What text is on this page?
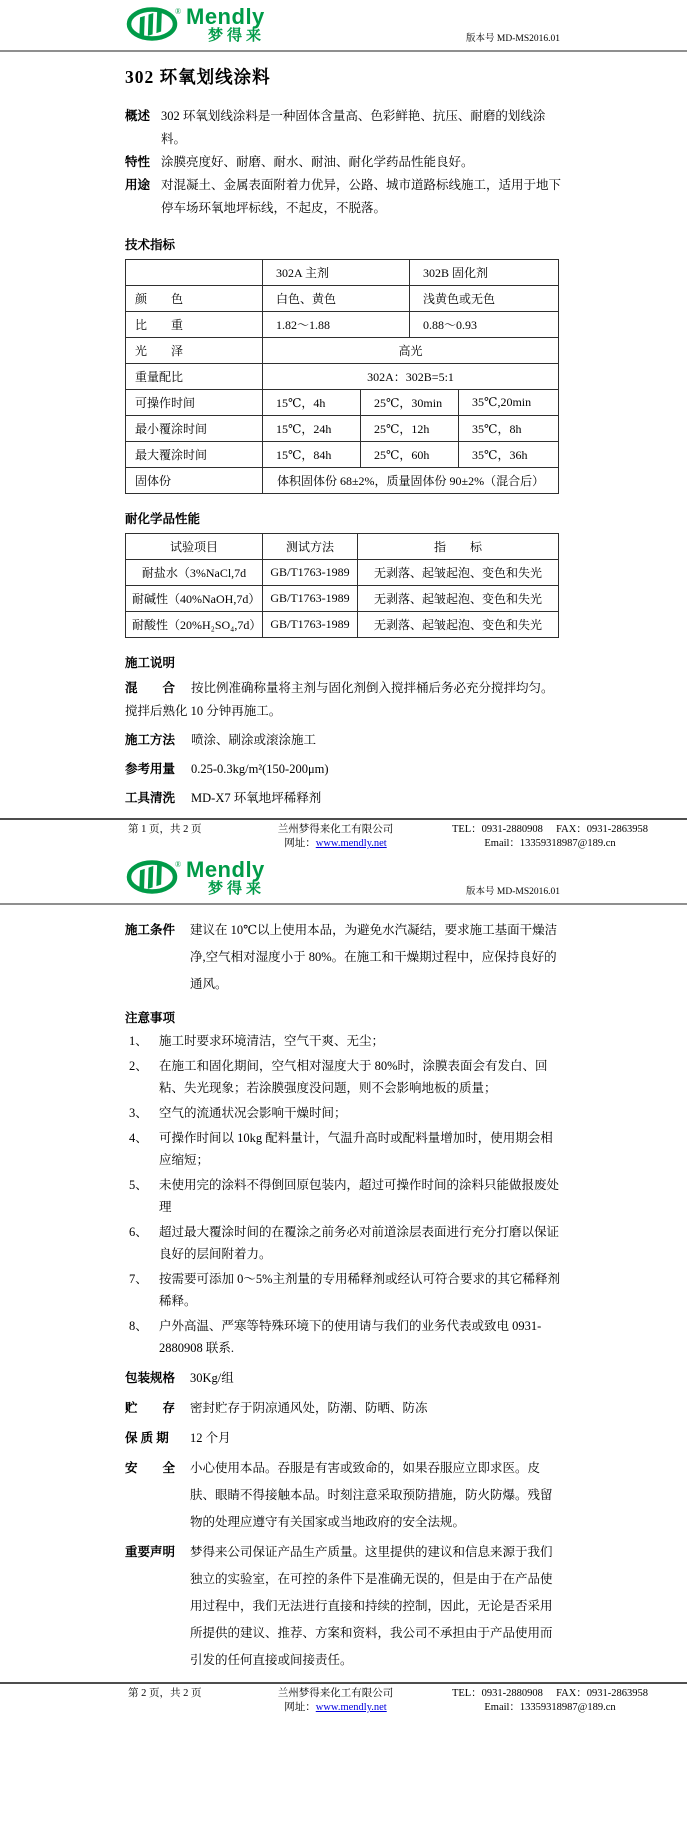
® Mendly
梦得来	版本号 MD-MS2016.01
302 环氧划线涂料
概述 302 环氧划线涂料是一种固体含量高、色彩鲜艳、抗压、耐磨的划线涂料。
特性 涂膜亮度好、耐磨、耐水、耐油、耐化学药品性能良好。
用途 对混凝土、金属表面附着力优异，公路、城市道路标线施工，适用于地下停车场环氧地坪标线，不起皮，不脱落。
技术指标
	302A 主剂		302B 固化剂	
颜　　色	白色、黄色		浅黄色或无色	
比　　重	1.82～1.88		0.88～0.93	
光　　泽	高光			
重量配比	302A：302B=5:1			
可操作时间	15℃，4h	25℃，30min		35℃,20min
最小覆涂时间	15℃，24h	25℃，12h		35℃，8h
最大覆涂时间	15℃，84h	25℃，60h		35℃，36h
固体份	体积固体份 68±2%，质量固体份 90±2%（混合后）			
耐化学品性能
试验项目	测试方法	指　　标
耐盐水（3%NaCl,7d	GB/T1763-1989	无剥落、起皱起泡、变色和失光
耐碱性（40%NaOH,7d）	GB/T1763-1989	无剥落、起皱起泡、变色和失光
耐酸性（20%H₂SO₄,7d）	GB/T1763-1989	无剥落、起皱起泡、变色和失光
施工说明

混　　合 按比例准确称量将主剂与固化剂倒入搅拌桶后务必充分搅拌均匀。搅拌后熟化 10 分钟再施工。

施工方法 喷涂、刷涂或滚涂施工

参考用量 0.25-0.3kg/m²(150-200μm)

工具清洗 MD-X7 环氧地坪稀释剂

第 1 页，共 2 页	兰州梦得来化工有限公司
网址：www.mendly.net
TEL：0931-2880908 FAX：0931-2863958
Email：13359318987@189.cn
® Mendly
梦得来	版本号 MD-MS2016.01
施工条件	建议在 10℃以上使用本品，为避免水汽凝结，要求施工基面干燥洁净,空气相对湿度小于 80%。在施工和干燥期过程中，应保持良好的通风。
注意事项
1、 施工时要求环境清洁，空气干爽、无尘；
2、 在施工和固化期间，空气相对湿度大于 80%时，涂膜表面会有发白、回粘、失光现象；若涂膜强度没问题，则不会影响地板的质量；
3、 空气的流通状况会影响干燥时间；
4、 可操作时间以 10kg 配料量计，气温升高时或配料量增加时，使用期会相应缩短；
5、 未使用完的涂料不得倒回原包装内，超过可操作时间的涂料只能做报废处理
6、 超过最大覆涂时间的在覆涂之前务必对前道涂层表面进行充分打磨以保证良好的层间附着力。
7、 按需要可添加 0～5%主剂量的专用稀释剂或经认可符合要求的其它稀释剂稀释。
8、 户外高温、严寒等特殊环境下的使用请与我们的业务代表或致电 0931-2880908 联系.
包装规格	30Kg/组
贮　　存	密封贮存于阴凉通风处，防潮、防晒、防冻
保 质 期	12 个月
安　　全	小心使用本品。吞服是有害或致命的，如果吞服应立即求医。皮肤、眼睛不得接触本品。时刻注意采取预防措施，防火防爆。残留物的处理应遵守有关国家或当地政府的安全法规。
重要声明	梦得来公司保证产品生产质量。这里提供的建议和信息来源于我们独立的实验室，在可控的条件下是准确无误的，但是由于在产品使用过程中，我们无法进行直接和持续的控制，因此，无论是否采用所提供的建议、推荐、方案和资料，我公司不承担由于产品使用而引发的任何直接或间接责任。
第 2 页，共 2 页	兰州梦得来化工有限公司
网址：www.mendly.net
TEL：0931-2880908 FAX：0931-2863958
Email：13359318987@189.cn
